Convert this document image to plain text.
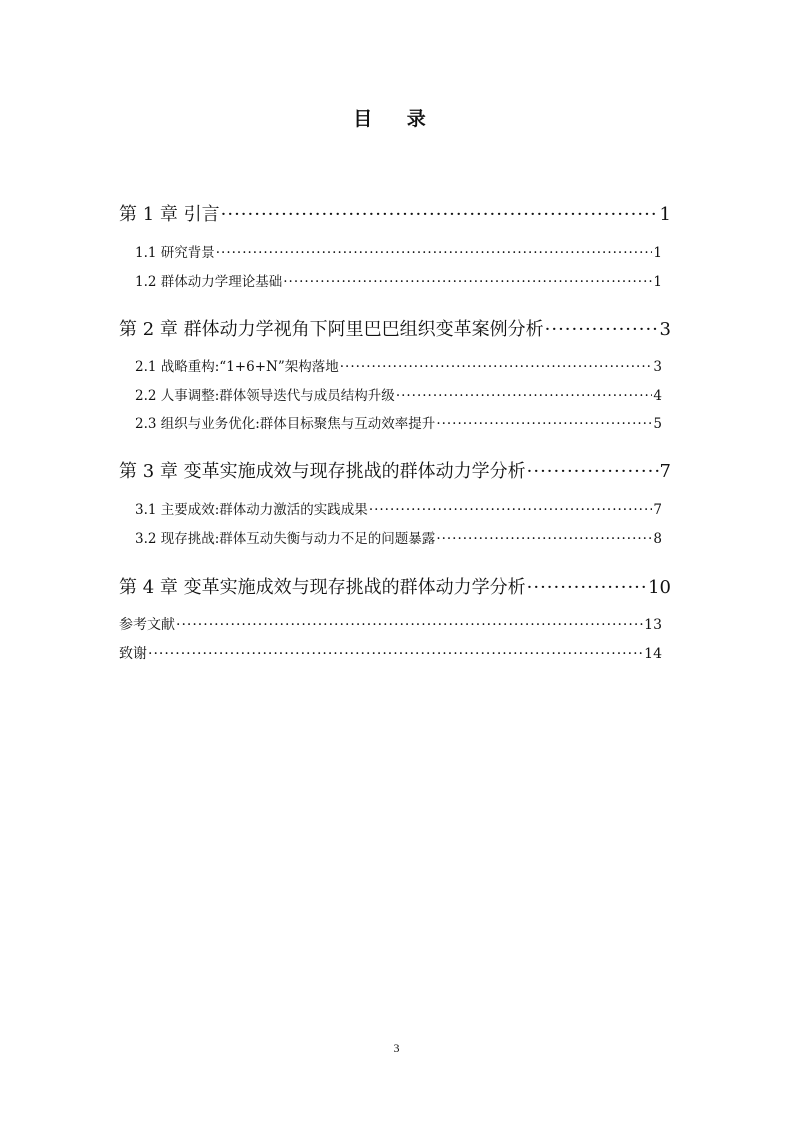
目 录
第 1 章 引言 ·····	1
1.1 研究背景 ·····	1
1.2 群体动力学理论基础 ·····	1
第 2 章 群体动力学视角下阿里巴巴组织变革案例分析 ·····	3
2.1 战略重构:“1+6+N”架构落地 ·····	3
2.2 人事调整:群体领导迭代与成员结构升级 ·····	4
2.3 组织与业务优化:群体目标聚焦与互动效率提升 ·····	5
第 3 章 变革实施成效与现存挑战的群体动力学分析 ·····	7
3.1 主要成效:群体动力激活的实践成果 ·····	7
3.2 现存挑战:群体互动失衡与动力不足的问题暴露 ·····	8
第 4 章 变革实施成效与现存挑战的群体动力学分析 ·····	10
参考文献 ·····	13
致谢 ·····	14
3
